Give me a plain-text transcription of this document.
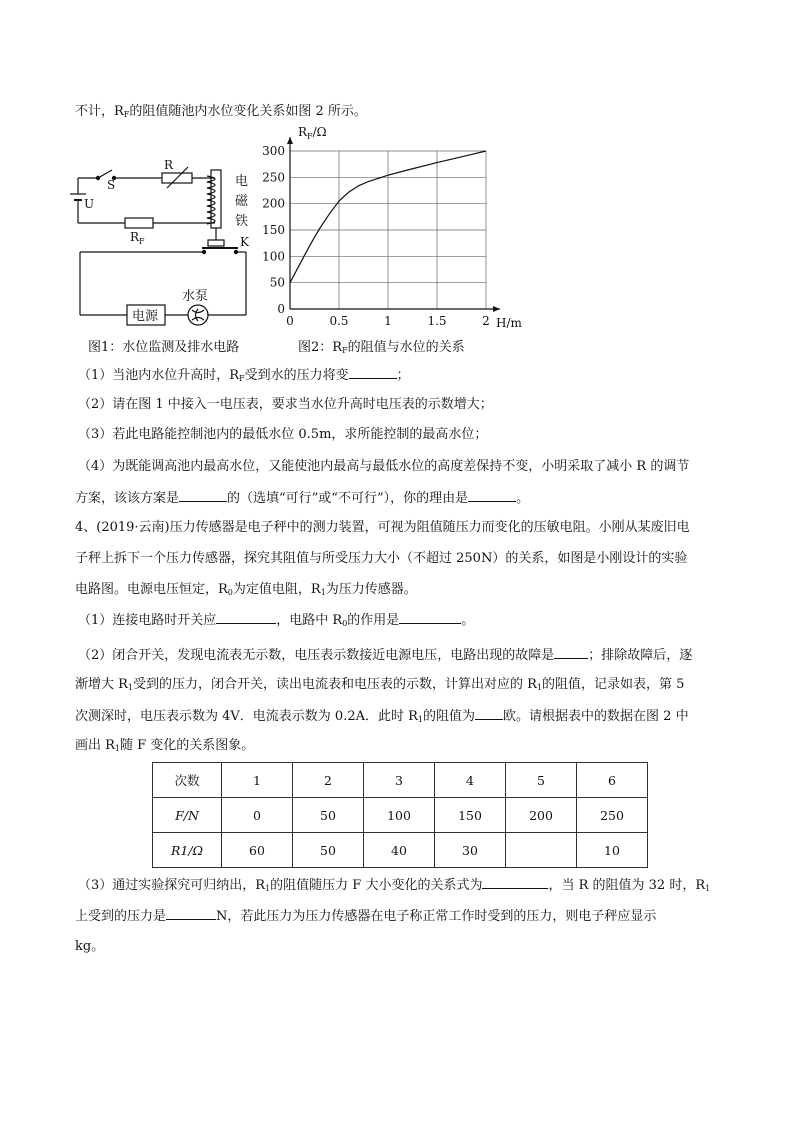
不计，$R_F$的阻值随池内水位变化关系如图 2 所示。
S
R
U
$R_F$
电
磁
铁
K
水泵
电源
图1：水位监测及排水电路
$R_F/\Omega$
0
50
100
150
200
250
300
0	0.5	1	1.5	2 H/m
图2：$R_F$的阻值与水位的关系
（1）当池内水位升高时，$R_F$受到水的压力将变	；
（2）请在图 1 中接入一电压表，要求当水位升高时电压表的示数增大；
（3）若此电路能控制池内的最低水位 0.5m，求所能控制的最高水位；
（4）为既能调高池内最高水位，又能使池内最高与最低水位的高度差保持不变，小明采取了减小 R 的调节
方案，该该方案是	的（选填“可行”或“不可行”），你的理由是	。
4、(2019·云南)压力传感器是电子秤中的测力装置，可视为阻值随压力而变化的压敏电阻。小刚从某废旧电
子秤上拆下一个压力传感器，探究其阻值与所受压力大小（不超过 250N）的关系，如图是小刚设计的实验
电路图。电源电压恒定，$R_0$为定值电阻，$R_1$为压力传感器。
（1）连接电路时开关应	，电路中 $R_0$的作用是	。
（2）闭合开关，发现电流表无示数，电压表示数接近电源电压，电路出现的故障是	；排除故障后，逐
渐增大 $R_1$受到的压力，闭合开关，读出电流表和电压表的示数，计算出对应的 $R_1$的阻值，记录如表，第 5
次测深时，电压表示数为 4V．电流表示数为 0.2A．此时 $R_1$的阻值为 欧。请根据表中的数据在图 2 中
画出 $R_1$随 F 变化的关系图象。
次数	1	2	3	4	5	6
F/N	0	50	100	150	200	250
R1/Ω	60	50	40	30		10
（3）通过实验探究可归纳出，$R_1$的阻值随压力 F 大小变化的关系式为	，当 R 的阻值为 32 时，$R_1$
上受到的压力是	N，若此压力为压力传感器在电子称正常工作时受到的压力，则电子秤应显示
kg。
